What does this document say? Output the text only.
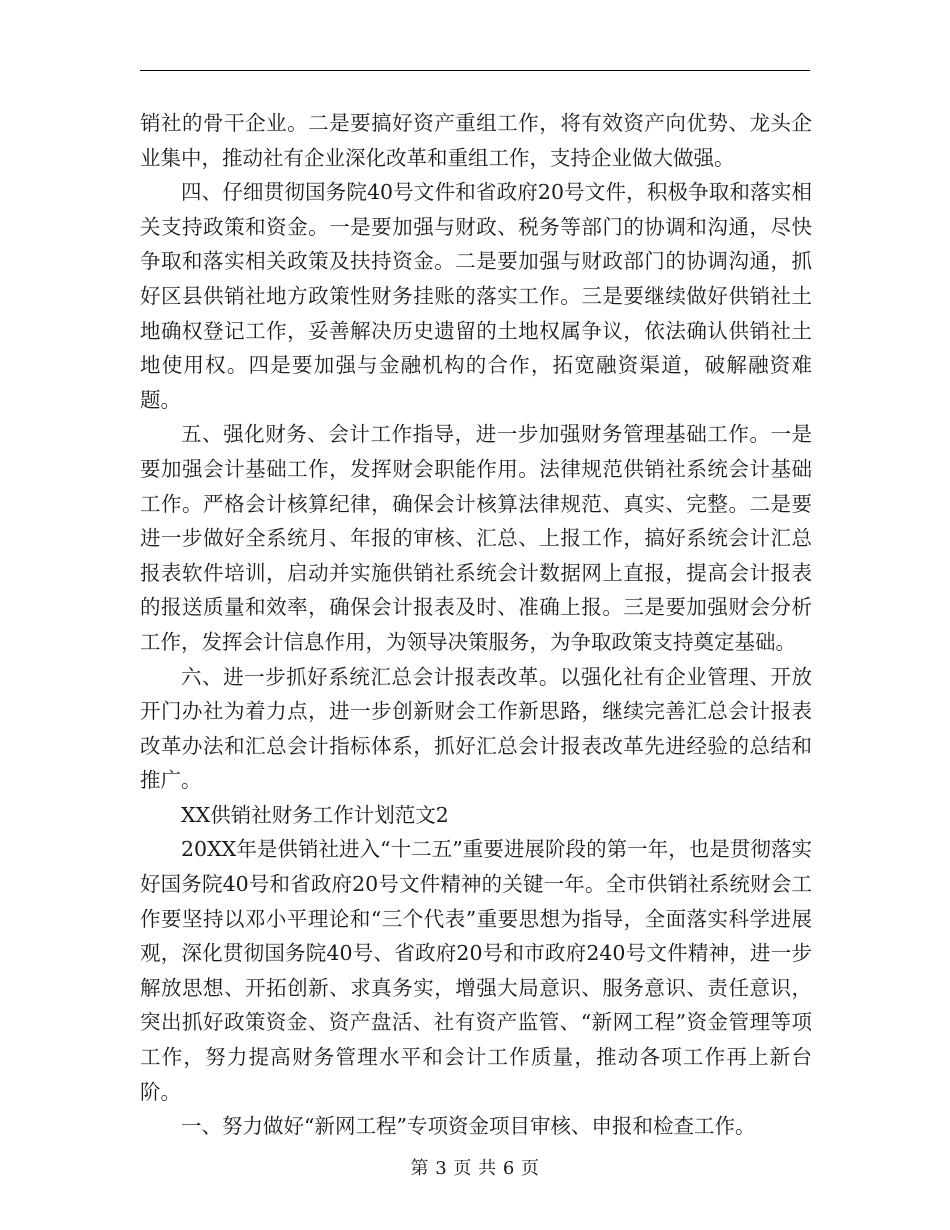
销社的骨干企业。二是要搞好资产重组工作，将有效资产向优势、龙头企业集中，推动社有企业深化改革和重组工作，支持企业做大做强。

四、仔细贯彻国务院40号文件和省政府20号文件，积极争取和落实相关支持政策和资金。一是要加强与财政、税务等部门的协调和沟通，尽快争取和落实相关政策及扶持资金。二是要加强与财政部门的协调沟通，抓好区县供销社地方政策性财务挂账的落实工作。三是要继续做好供销社土地确权登记工作，妥善解决历史遗留的土地权属争议，依法确认供销社土地使用权。四是要加强与金融机构的合作，拓宽融资渠道，破解融资难题。

五、强化财务、会计工作指导，进一步加强财务管理基础工作。一是要加强会计基础工作，发挥财会职能作用。法律规范供销社系统会计基础工作。严格会计核算纪律，确保会计核算法律规范、真实、完整。二是要进一步做好全系统月、年报的审核、汇总、上报工作，搞好系统会计汇总报表软件培训，启动并实施供销社系统会计数据网上直报，提高会计报表的报送质量和效率，确保会计报表及时、准确上报。三是要加强财会分析工作，发挥会计信息作用，为领导决策服务，为争取政策支持奠定基础。

六、进一步抓好系统汇总会计报表改革。以强化社有企业管理、开放开门办社为着力点，进一步创新财会工作新思路，继续完善汇总会计报表改革办法和汇总会计指标体系，抓好汇总会计报表改革先进经验的总结和推广。

XX供销社财务工作计划范文2

20XX年是供销社进入“十二五”重要进展阶段的第一年，也是贯彻落实好国务院40号和省政府20号文件精神的关键一年。全市供销社系统财会工作要坚持以邓小平理论和“三个代表”重要思想为指导，全面落实科学进展观，深化贯彻国务院40号、省政府20号和市政府240号文件精神，进一步解放思想、开拓创新、求真务实，增强大局意识、服务意识、责任意识，突出抓好政策资金、资产盘活、社有资产监管、“新网工程”资金管理等项工作，努力提高财务管理水平和会计工作质量，推动各项工作再上新台阶。

一、努力做好“新网工程”专项资金项目审核、申报和检查工作。

第 3 页 共 6 页
